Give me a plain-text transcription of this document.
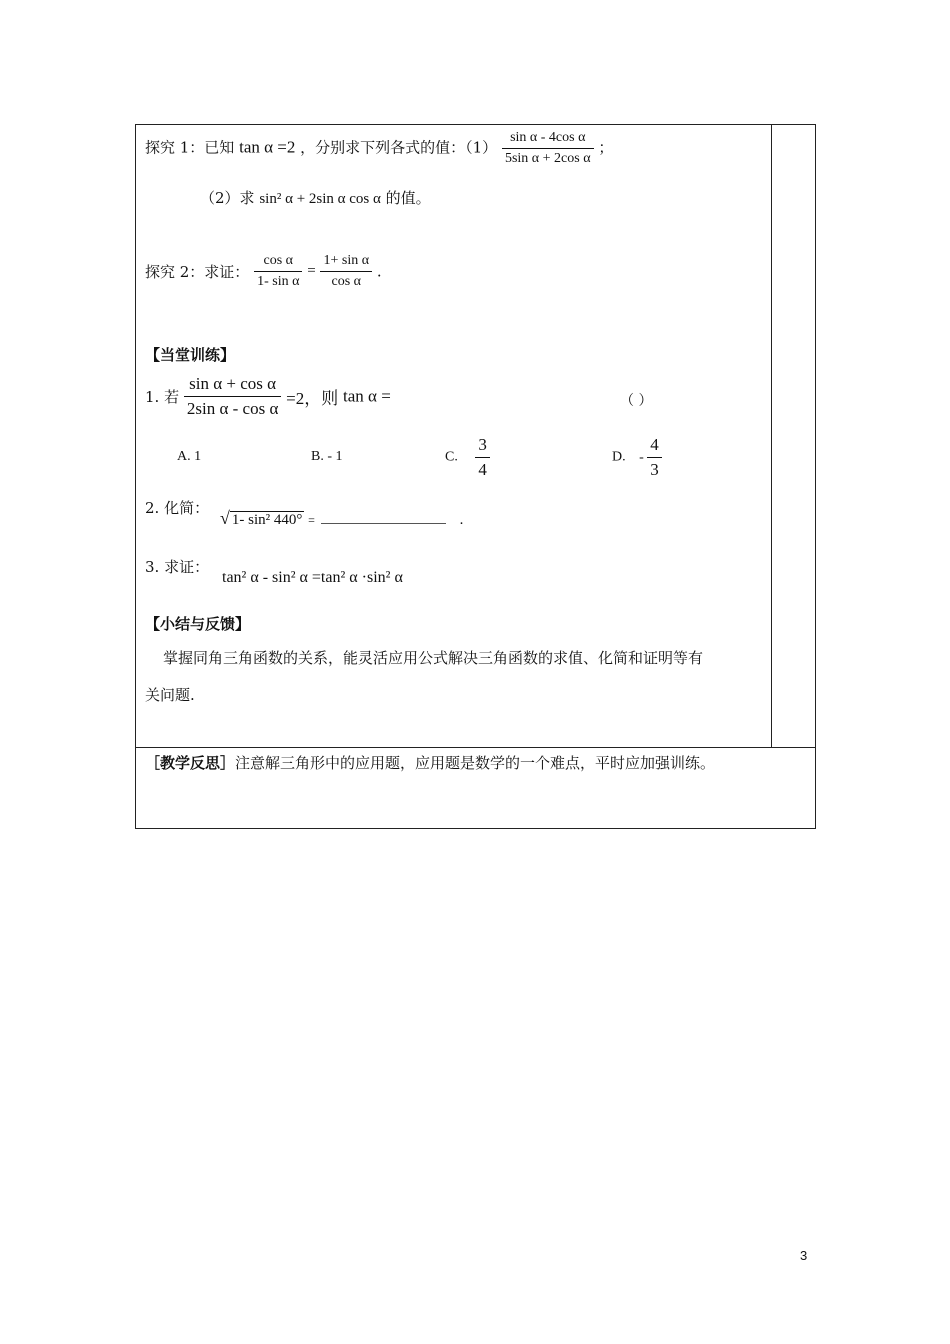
探究 1：已知 tan α =2 ，分别求下列各式的值：$(1) \frac{\text{sin α - 4cos α}}{\text{5sin α + 2cos α}}$ ；
（2）求 sin² α + 2sin α cos α 的值。
探究 2：求证： $\frac{\text{cos α}}{\text{1- sin α}} = \frac{\text{1+ sin α}}{\text{cos α}}$ .
【当堂训练】
1. 若 $\frac{\text{sin α + cos α}}{\text{2sin α - cos α}} =2$，则 tan α =	（ ）
A. 1	B. - 1	C. $\frac{3}{4}$	D. - $\frac{4}{3}$
2. 化简： √ 1- sin² 440° =	.
3. 求证：
tan² α - sin² α =tan² α ·sin² α
【小结与反馈】
掌握同角三角函数的关系，能灵活应用公式解决三角函数的求值、化简和证明等有
关问题.
［教学反思］注意解三角形中的应用题，应用题是数学的一个难点，平时应加强训练。
3
